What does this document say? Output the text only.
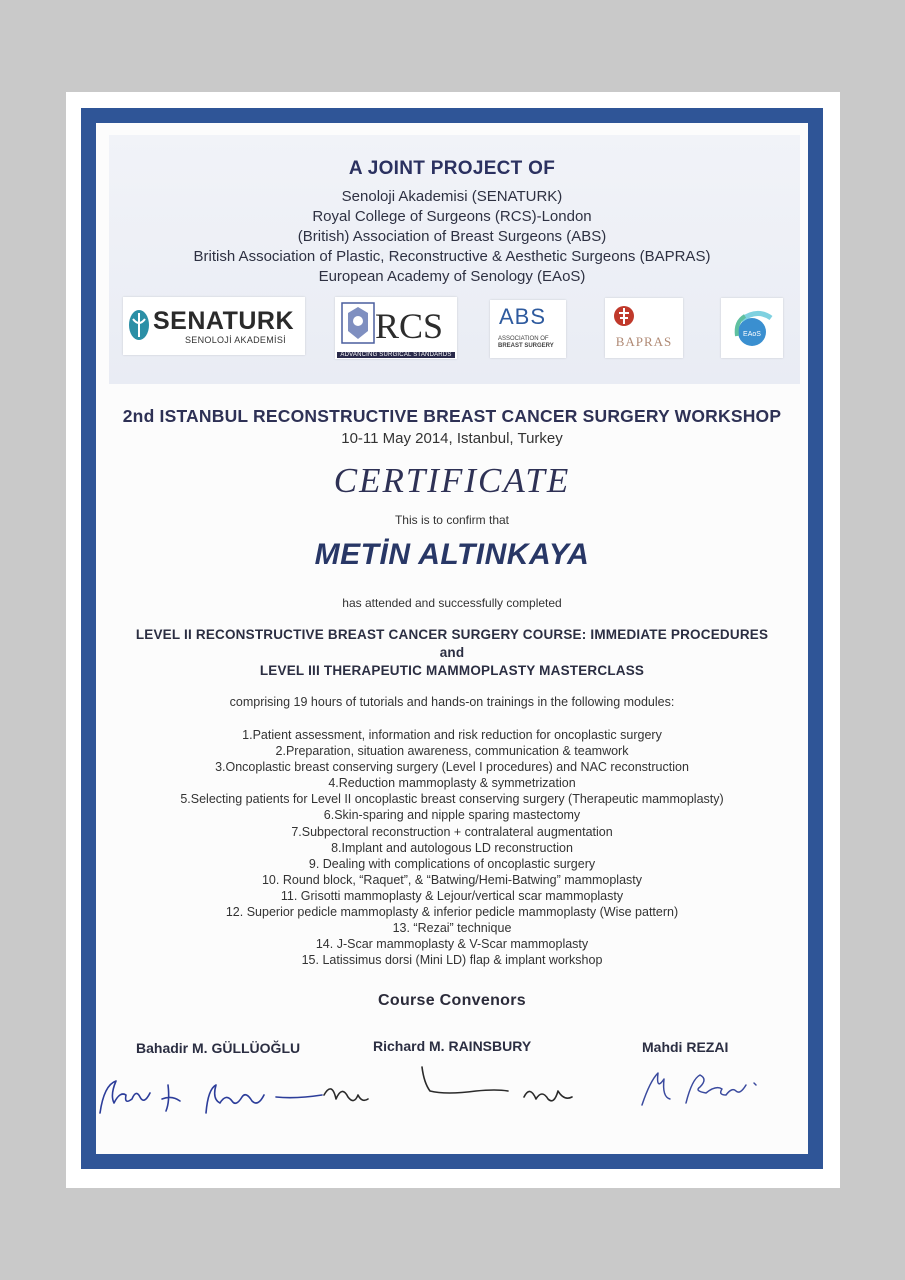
A JOINT PROJECT OF
Senoloji Akademisi (SENATURK)
Royal College of Surgeons (RCS)-London
(British) Association of Breast Surgeons (ABS)
British Association of Plastic, Reconstructive & Aesthetic Surgeons (BAPRAS)
European Academy of Senology (EAoS)
SENATURK
SENOLOJİ AKADEMİSİ RCS
ADVANCING SURGICAL STANDARDS
ABS
ASSOCIATION OF
BREAST SURGERY	BAPRAS	EAoS
2nd ISTANBUL RECONSTRUCTIVE BREAST CANCER SURGERY WORKSHOP
10-11 May 2014, Istanbul, Turkey
CERTIFICATE
This is to confirm that
METİN ALTINKAYA
has attended and successfully completed
LEVEL II RECONSTRUCTIVE BREAST CANCER SURGERY COURSE: IMMEDIATE PROCEDURES
and
LEVEL III THERAPEUTIC MAMMOPLASTY MASTERCLASS
comprising 19 hours of tutorials and hands-on trainings in the following modules:
1.Patient assessment, information and risk reduction for oncoplastic surgery
2.Preparation, situation awareness, communication & teamwork
3.Oncoplastic breast conserving surgery (Level I procedures) and NAC reconstruction
4.Reduction mammoplasty & symmetrization
5.Selecting patients for Level II oncoplastic breast conserving surgery (Therapeutic mammoplasty)
6.Skin-sparing and nipple sparing mastectomy
7.Subpectoral reconstruction + contralateral augmentation
8.Implant and autologous LD reconstruction
9. Dealing with complications of oncoplastic surgery
10. Round block, “Raquet”, & “Batwing/Hemi-Batwing” mammoplasty
11. Grisotti mammoplasty & Lejour/vertical scar mammoplasty
12. Superior pedicle mammoplasty & inferior pedicle mammoplasty (Wise pattern)
13. “Rezai” technique
14. J-Scar mammoplasty & V-Scar mammoplasty
15. Latissimus dorsi (Mini LD) flap & implant workshop
Course Convenors
Bahadir M. GÜLLÜOĞLU	Richard M. RAINSBURY	Mahdi REZAI
